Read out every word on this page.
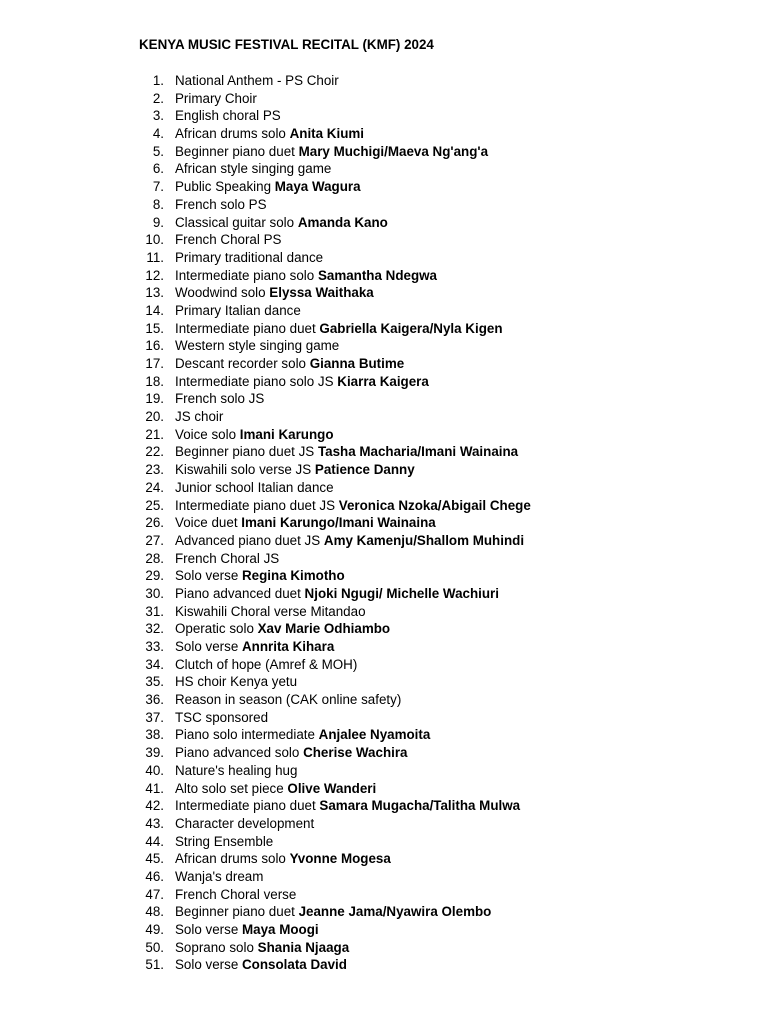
KENYA MUSIC FESTIVAL RECITAL (KMF) 2024
1. National Anthem - PS Choir
2. Primary Choir
3. English choral PS
4. African drums solo Anita Kiumi
5. Beginner piano duet Mary Muchigi/Maeva Ng'ang'a
6. African style singing game
7. Public Speaking Maya Wagura
8. French solo PS
9. Classical guitar solo Amanda Kano
10. French Choral PS
11. Primary traditional dance
12. Intermediate piano solo Samantha Ndegwa
13. Woodwind solo Elyssa Waithaka
14. Primary Italian dance
15. Intermediate piano duet Gabriella Kaigera/Nyla Kigen
16. Western style singing game
17. Descant recorder solo Gianna Butime
18. Intermediate piano solo JS Kiarra Kaigera
19. French solo JS
20. JS choir
21. Voice solo Imani Karungo
22. Beginner piano duet JS Tasha Macharia/Imani Wainaina
23. Kiswahili solo verse JS Patience Danny
24. Junior school Italian dance
25. Intermediate piano duet JS Veronica Nzoka/Abigail Chege
26. Voice duet Imani Karungo/Imani Wainaina
27. Advanced piano duet JS Amy Kamenju/Shallom Muhindi
28. French Choral JS
29. Solo verse Regina Kimotho
30. Piano advanced duet Njoki Ngugi/ Michelle Wachiuri
31. Kiswahili Choral verse Mitandao
32. Operatic solo Xav Marie Odhiambo
33. Solo verse Annrita Kihara
34. Clutch of hope (Amref & MOH)
35. HS choir Kenya yetu
36. Reason in season (CAK online safety)
37. TSC sponsored
38. Piano solo intermediate Anjalee Nyamoita
39. Piano advanced solo Cherise Wachira
40. Nature's healing hug
41. Alto solo set piece Olive Wanderi
42. Intermediate piano duet Samara Mugacha/Talitha Mulwa
43. Character development
44. String Ensemble
45. African drums solo Yvonne Mogesa
46. Wanja's dream
47. French Choral verse
48. Beginner piano duet Jeanne Jama/Nyawira Olembo
49. Solo verse Maya Moogi
50. Soprano solo Shania Njaaga
51. Solo verse Consolata David
